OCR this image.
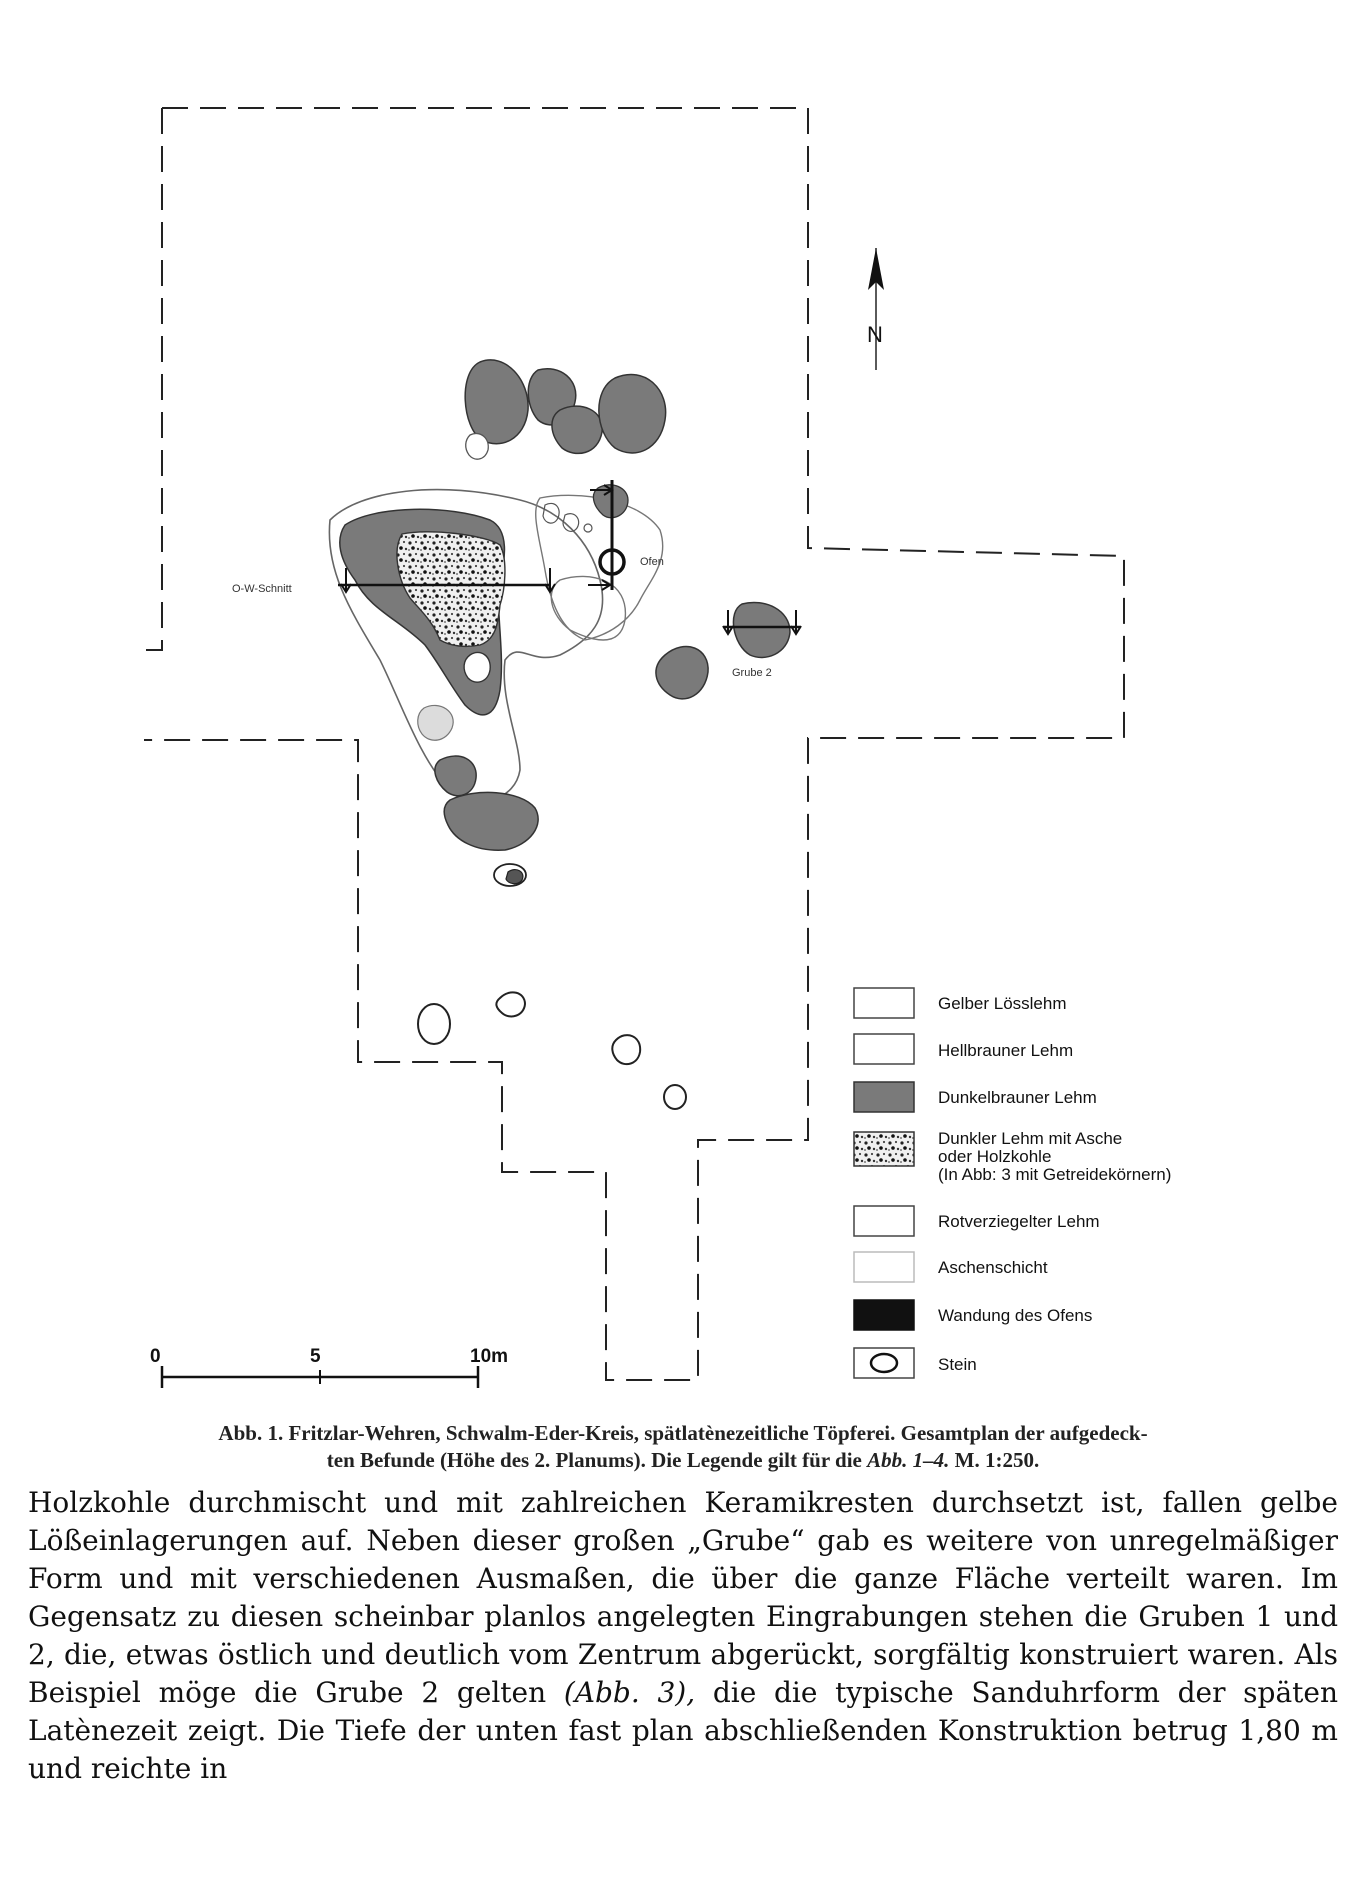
Ofen
O-W-Schnitt
Grube 2
N
0	5	10m
Gelber Lösslehm
Hellbrauner Lehm
Dunkelbrauner Lehm
Dunkler Lehm mit Asche
oder Holzkohle
(In Abb: 3 mit Getreidekörnern)
Rotverziegelter Lehm
Aschenschicht
Wandung des Ofens
Stein
Abb. 1. Fritzlar-Wehren, Schwalm-Eder-Kreis, spätlatènezeitliche Töpferei. Gesamtplan der aufgedeck-
ten Befunde (Höhe des 2. Planums). Die Legende gilt für die Abb. 1–4. M. 1:250.

Holzkohle durchmischt und mit zahlreichen Keramikresten durchsetzt ist, fallen gelbe Lößeinlagerungen auf. Neben dieser großen „Grube“ gab es weitere von unregelmäßiger Form und mit verschiedenen Ausmaßen, die über die ganze Fläche verteilt waren. Im Gegensatz zu diesen scheinbar planlos angelegten Eingrabungen stehen die Gruben 1 und 2, die, etwas östlich und deutlich vom Zentrum abgerückt, sorgfältig konstruiert waren. Als Beispiel möge die Grube 2 gelten (Abb. 3), die die typische Sanduhrform der späten Latènezeit zeigt. Die Tiefe der unten fast plan abschließenden Konstruktion betrug 1,80 m und reichte in
